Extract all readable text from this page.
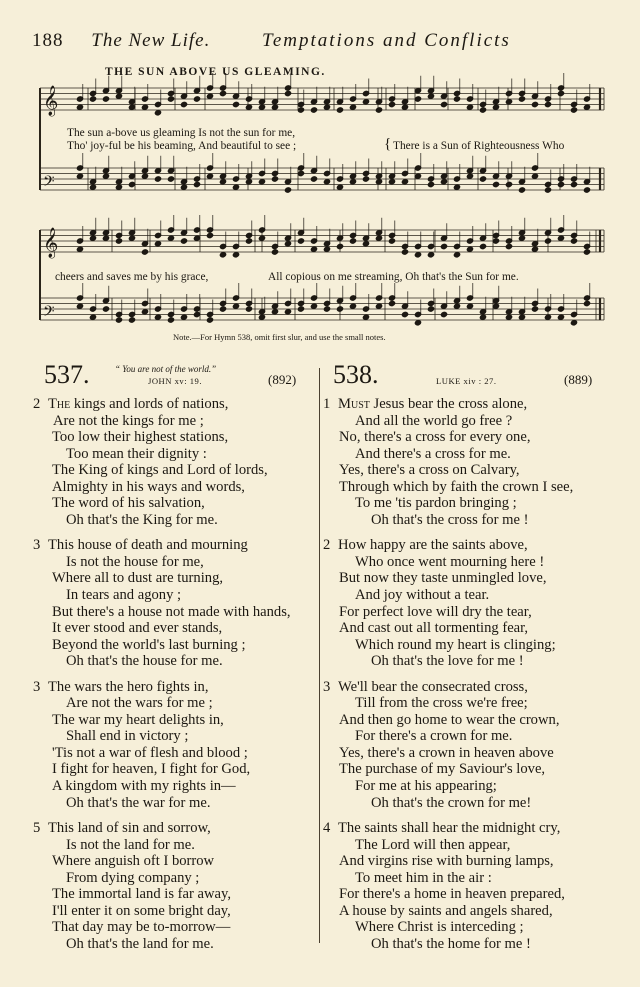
188 The New Life.	Temptations and Conflicts
THE SUN ABOVE US GLEAMING.
𝄞
𝄢
𝄞
𝄢
The sun a-bove us gleaming Is not the sun for me,
Tho' joy-ful be his beaming, And beautiful to see ;	{ There is a Sun of Righteousness Who
cheers and saves me by his grace,	All copious on me streaming, Oh that's the Sun for me.
Note.—For Hymn 538, omit first slur, and use the small notes.
537.	“ You are not of the world.”
JOHN xv: 19.	(892) 538.	LUKE xiv : 27.	(889)
2 The kings and lords of nations,
Are not the kings for me ;
Too low their highest stations,
Too mean their dignity :
The King of kings and Lord of lords,
Almighty in his ways and words,
The word of his salvation,
Oh that's the King for me.
3 This house of death and mourning
Is not the house for me,
Where all to dust are turning,
In tears and agony ;
But there's a house not made with hands,
It ever stood and ever stands,
Beyond the world's last burning ;
Oh that's the house for me.
3 The wars the hero fights in,
Are not the wars for me ;
The war my heart delights in,
Shall end in victory ;
'Tis not a war of flesh and blood ;
I fight for heaven, I fight for God,
A kingdom with my rights in—
Oh that's the war for me.
5 This land of sin and sorrow,
Is not the land for me.
Where anguish oft I borrow
From dying company ;
The immortal land is far away,
I'll enter it on some bright day,
That day may be to-morrow—
Oh that's the land for me.
1 Must Jesus bear the cross alone,
And all the world go free ?
No, there's a cross for every one,
And there's a cross for me.
Yes, there's a cross on Calvary,
Through which by faith the crown I see,
To me 'tis pardon bringing ;
Oh that's the cross for me !
2 How happy are the saints above,
Who once went mourning here !
But now they taste unmingled love,
And joy without a tear.
For perfect love will dry the tear,
And cast out all tormenting fear,
Which round my heart is clinging;
Oh that's the love for me !
3 We'll bear the consecrated cross,
Till from the cross we're free;
And then go home to wear the crown,
For there's a crown for me.
Yes, there's a crown in heaven above
The purchase of my Saviour's love,
For me at his appearing;
Oh that's the crown for me!
4 The saints shall hear the midnight cry,
The Lord will then appear,
And virgins rise with burning lamps,
To meet him in the air :
For there's a home in heaven prepared,
A house by saints and angels shared,
Where Christ is interceding ;
Oh that's the home for me !
